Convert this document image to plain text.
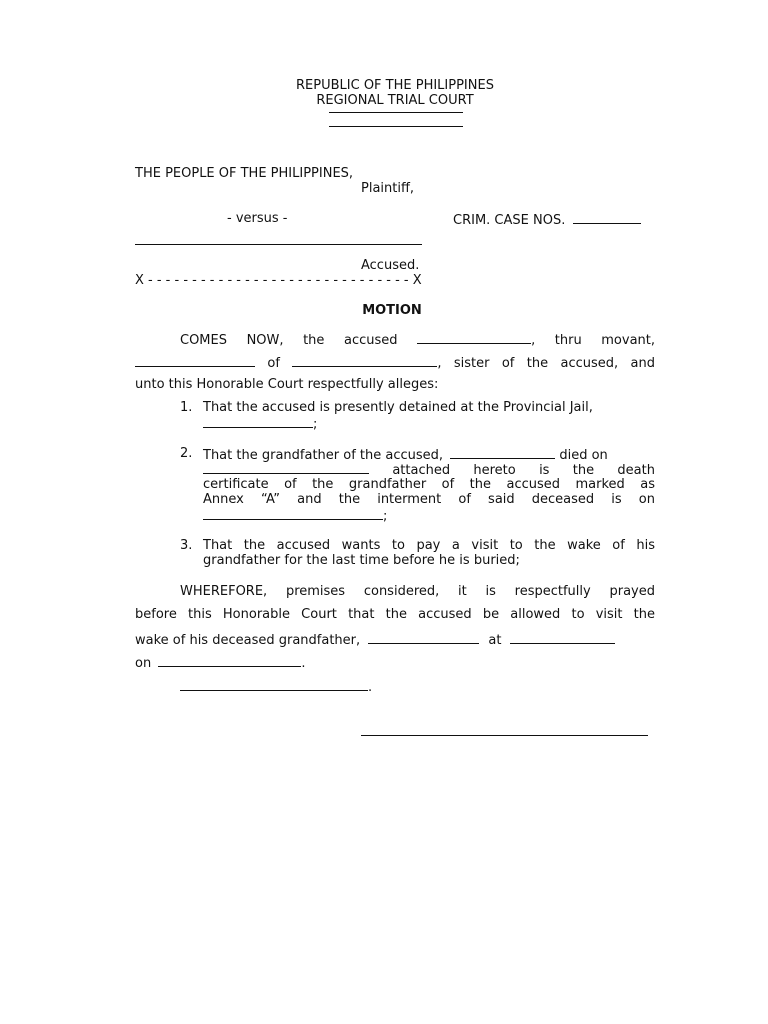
REPUBLIC OF THE PHILIPPINES
REGIONAL TRIAL COURT
THE PEOPLE OF THE PHILIPPINES,
Plaintiff,
- versus -	CRIM. CASE NOS.
Accused.
X - - - - - - - - - - - - - - - - - - - - - - - - - - - - - - X
MOTION
COMES NOW, the accused	, thru movant,
of	, sister of the accused, and
unto this Honorable Court respectfully alleges:
1. That the accused is presently detained at the Provincial Jail,
;
2. That the grandfather of the accused,	died on
attached hereto is the death
certificate of the grandfather of the accused marked as
Annex “A” and the interment of said deceased is on
;
3. That the accused wants to pay a visit to the wake of his
grandfather for the last time before he is buried;
WHEREFORE, premises considered, it is respectfully prayed
before this Honorable Court that the accused be allowed to visit the
wake of his deceased grandfather,	at
on	.
.
